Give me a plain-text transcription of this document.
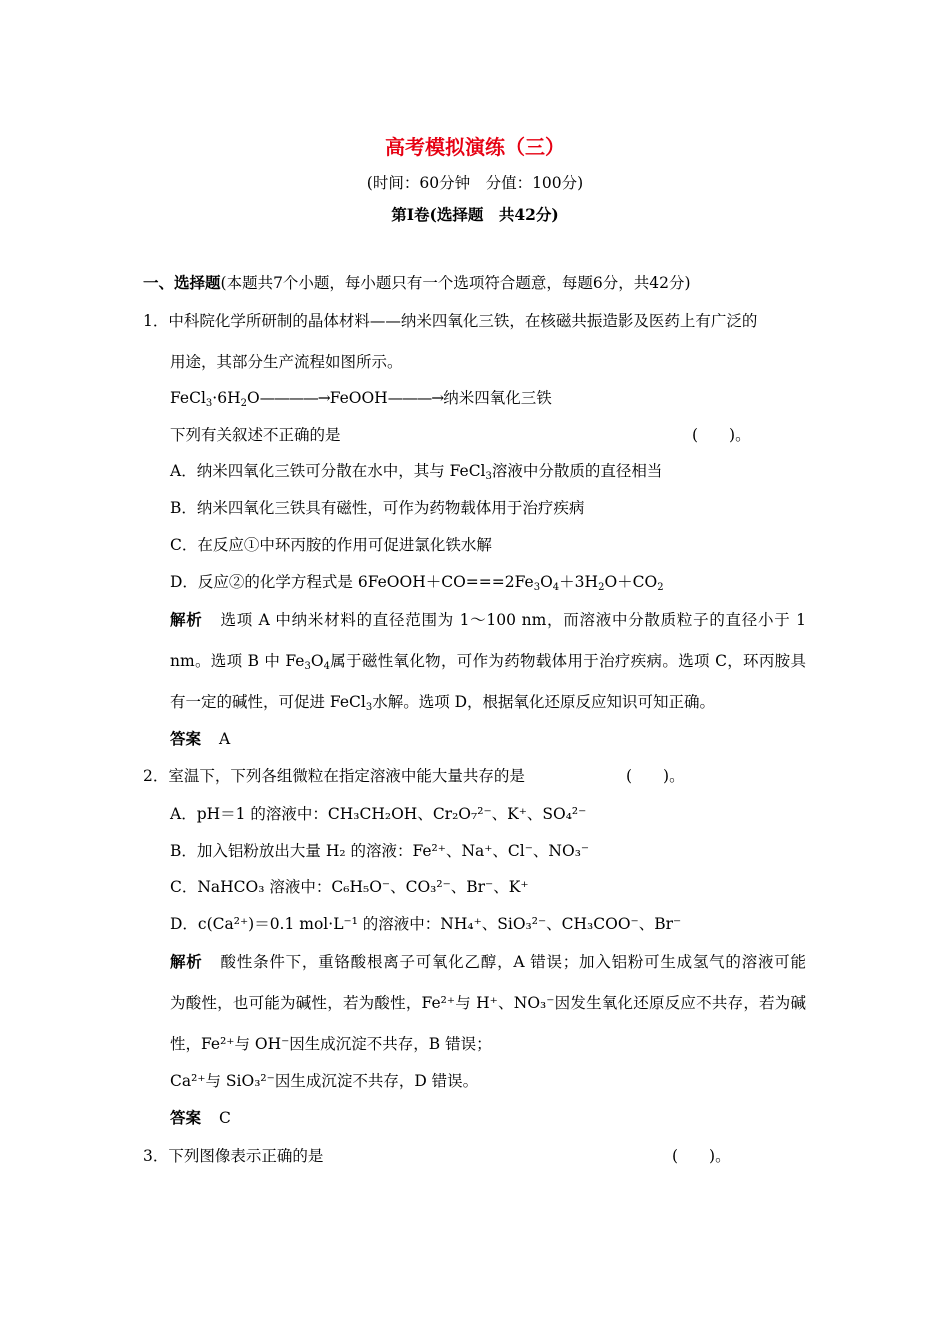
高考模拟演练（三）
(时间：60分钟　分值：100分)
第Ⅰ卷(选择题　共42分)
一、选择题(本题共7个小题，每小题只有一个选项符合题意，每题6分，共42分)
1．中科院化学所研制的晶体材料——纳米四氧化三铁，在核磁共振造影及医药上有广泛的
用途，其部分生产流程如图所示。
$FeCl_3\cdot 6H_2O————\to FeOOH———\to$纳米四氧化三铁
下列有关叙述不正确的是	(　　)。
A．纳米四氧化三铁可分散在水中，其与 FeCl$_3$溶液中分散质的直径相当
B．纳米四氧化三铁具有磁性，可作为药物载体用于治疗疾病
C．在反应①中环丙胺的作用可促进氯化铁水解
D．反应②的化学方程式是 $6FeOOH+CO===2Fe_3O_4+3H_2O+CO_2$
解析 选项 A 中纳米材料的直径范围为 1～100 nm，而溶液中分散质粒子的直径小于 1
nm。选项 B 中 $Fe_3O_4$属于磁性氧化物，可作为药物载体用于治疗疾病。选项 C，环丙胺具
有一定的碱性，可促进 FeCl$_3$水解。选项 D，根据氧化还原反应知识可知正确。
答案 A
2．室温下，下列各组微粒在指定溶液中能大量共存的是	(　　)。
A．pH＝1 的溶液中：CH₃CH₂OH、Cr₂O₇²⁻、K⁺、SO₄²⁻
B．加入铝粉放出大量 H₂ 的溶液：Fe²⁺、Na⁺、Cl⁻、NO₃⁻
C．NaHCO₃ 溶液中：C₆H₅O⁻、CO₃²⁻、Br⁻、K⁺
D．c(Ca²⁺)＝0.1 mol·L⁻¹ 的溶液中：NH₄⁺、SiO₃²⁻、CH₃COO⁻、Br⁻
解析 酸性条件下，重铬酸根离子可氧化乙醇，A 错误；加入铝粉可生成氢气的溶液可能
为酸性，也可能为碱性，若为酸性，Fe²⁺与 H⁺、NO₃⁻因发生氧化还原反应不共存，若为碱
性，Fe²⁺与 OH⁻因生成沉淀不共存，B 错误；
Ca²⁺与 SiO₃²⁻因生成沉淀不共存，D 错误。
答案 C
3．下列图像表示正确的是	(　　)。
